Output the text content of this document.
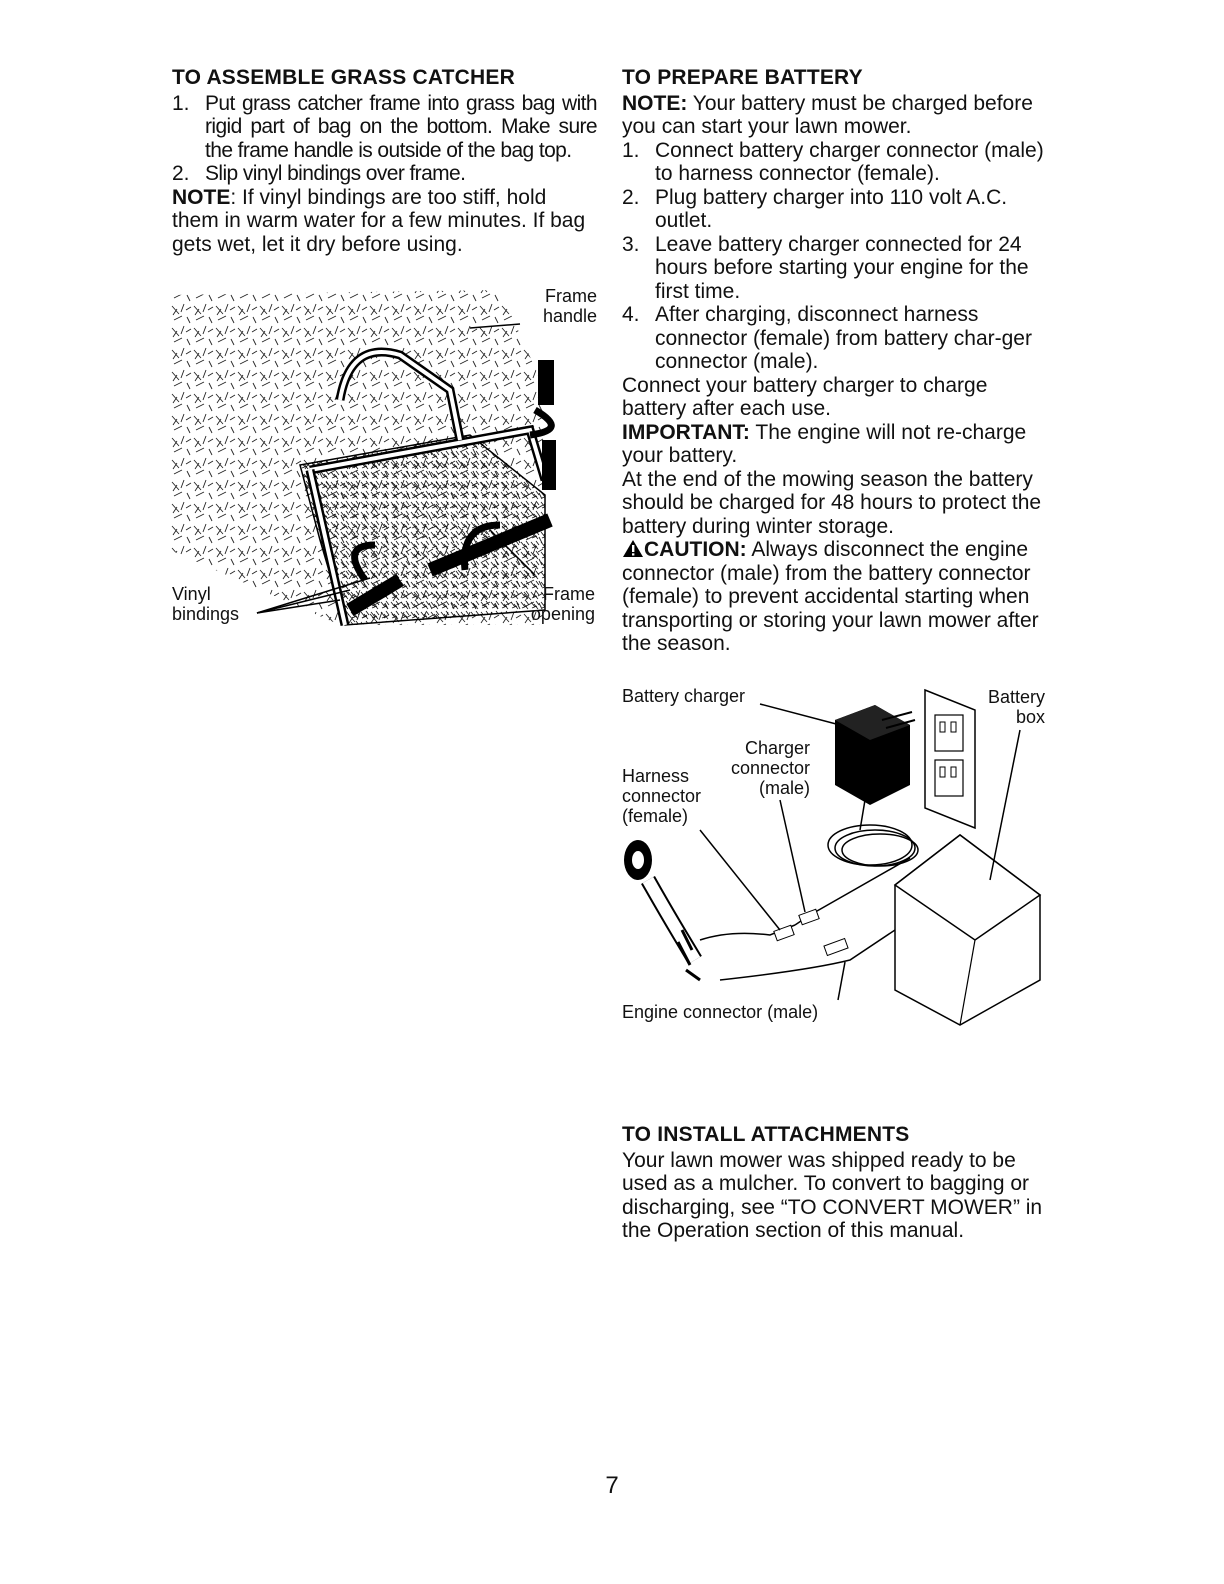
TO ASSEMBLE GRASS CATCHER
1. Put grass catcher frame into grass bag with rigid part of bag on the bottom. Make sure the frame handle is outside of the bag top.
2. Slip vinyl bindings over frame.

NOTE: If vinyl bindings are too stiff, hold them in warm water for a few minutes. If bag gets wet, let it dry before using.

Frame
handle
Vinyl
bindings
Frame
opening
TO PREPARE BATTERY

NOTE: Your battery must be charged before you can start your lawn mower.

1. Connect battery charger connector (male) to harness connector (female).
2. Plug battery charger into 110 volt A.C. outlet.
3. Leave battery charger connected for 24 hours before starting your engine for the first time.
4. After charging, disconnect harness connector (female) from battery char-ger connector (male).

Connect your battery charger to charge battery after each use.

IMPORTANT: The engine will not re-charge your battery.

At the end of the mowing season the battery should be charged for 48 hours to protect the battery during winter storage.

CAUTION: Always disconnect the engine connector (male) from the battery connector (female) to prevent accidental starting when transporting or storing your lawn mower after the season.

Battery charger	Battery
box
Charger
connector
(male)
Harness
connector
(female)
Engine connector (male)
TO INSTALL ATTACHMENTS

Your lawn mower was shipped ready to be used as a mulcher. To convert to bagging or discharging, see “TO CONVERT MOWER” in the Operation section of this manual.

7
